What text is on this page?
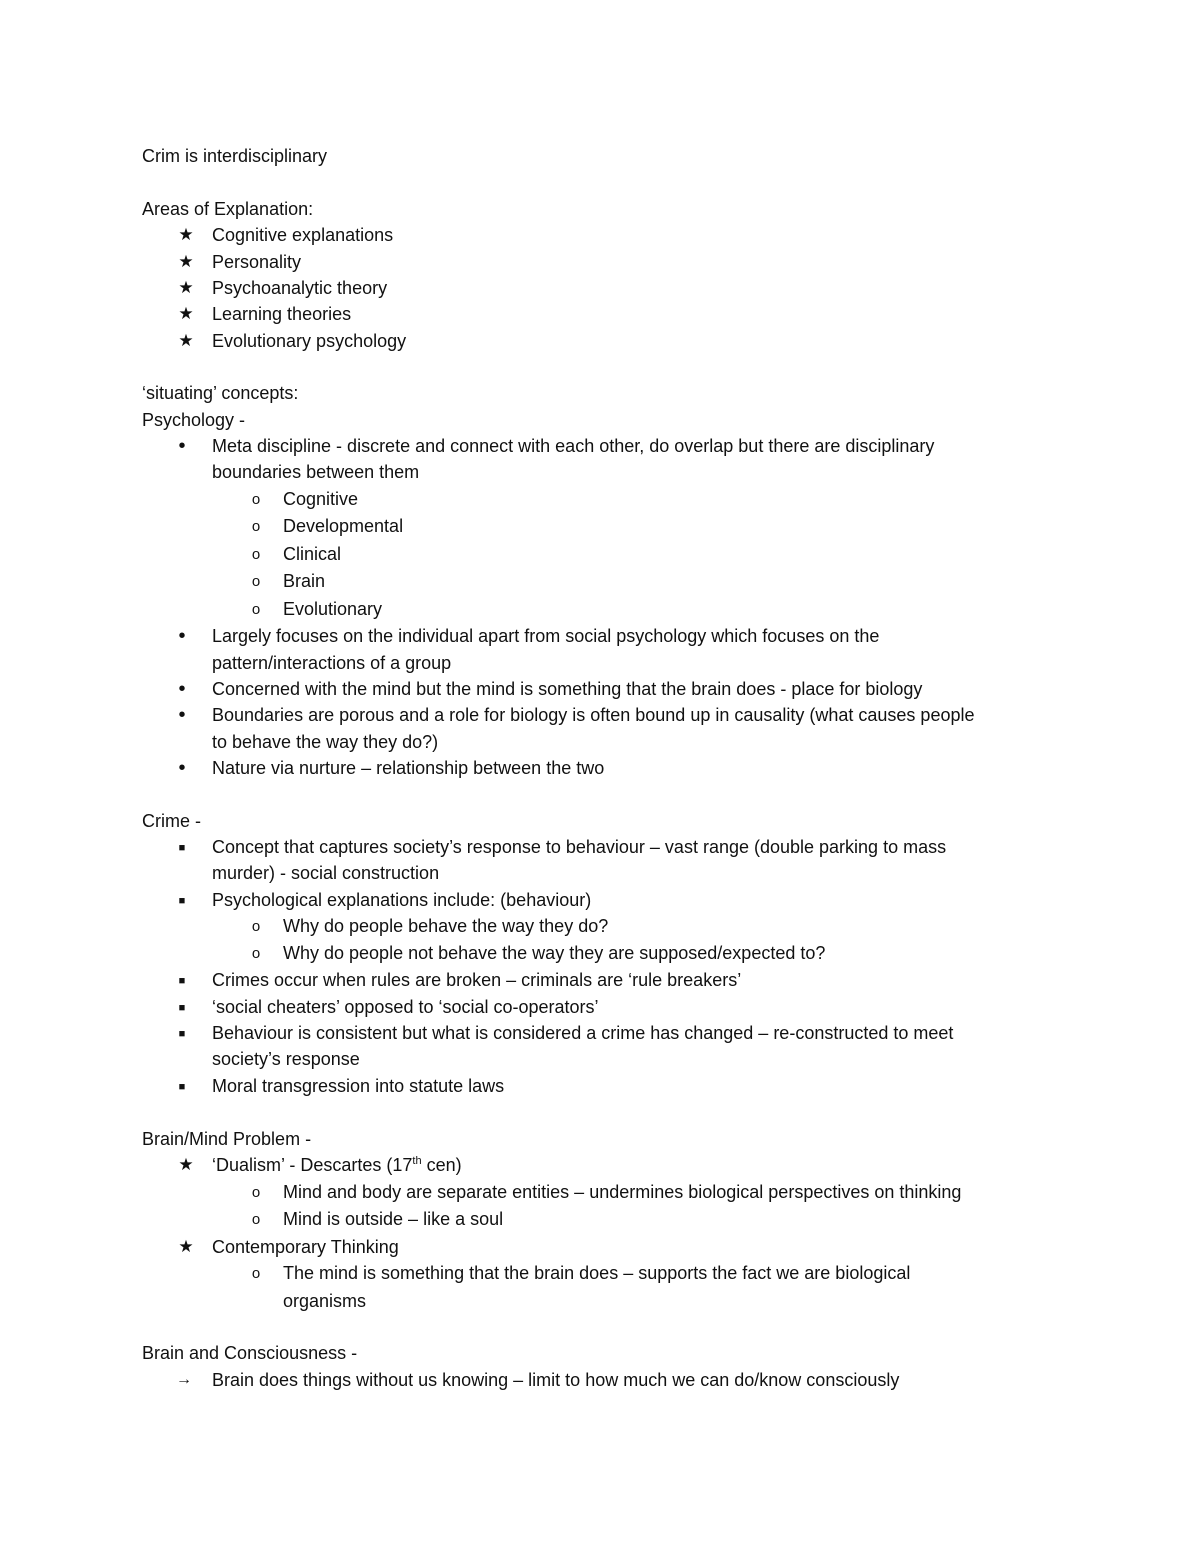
Crim is interdisciplinary
Areas of Explanation:
★ Cognitive explanations
★ Personality
★ Psychoanalytic theory
★ Learning theories
★ Evolutionary psychology
‘situating’ concepts:
Psychology -
•	Meta discipline - discrete and connect with each other, do overlap but there are disciplinary
boundaries between them
o	Cognitive
o	Developmental
o	Clinical
o	Brain
o	Evolutionary
•	Largely focuses on the individual apart from social psychology which focuses on the
pattern/interactions of a group
•	Concerned with the mind but the mind is something that the brain does - place for biology
•	Boundaries are porous and a role for biology is often bound up in causality (what causes people
to behave the way they do?)
•	Nature via nurture – relationship between the two
Crime -
■	Concept that captures society’s response to behaviour – vast range (double parking to mass
murder) - social construction
■	Psychological explanations include: (behaviour)
o	Why do people behave the way they do?
o	Why do people not behave the way they are supposed/expected to?
■	Crimes occur when rules are broken – criminals are ‘rule breakers’
■	‘social cheaters’ opposed to ‘social co-operators’
■	Behaviour is consistent but what is considered a crime has changed – re-constructed to meet
society’s response
■	Moral transgression into statute laws
Brain/Mind Problem -
★ ‘Dualism’ - Descartes (17th cen)
o	Mind and body are separate entities – undermines biological perspectives on thinking
o	Mind is outside – like a soul
★ Contemporary Thinking
o	The mind is something that the brain does – supports the fact we are biological
organisms
Brain and Consciousness -
→ Brain does things without us knowing – limit to how much we can do/know consciously
